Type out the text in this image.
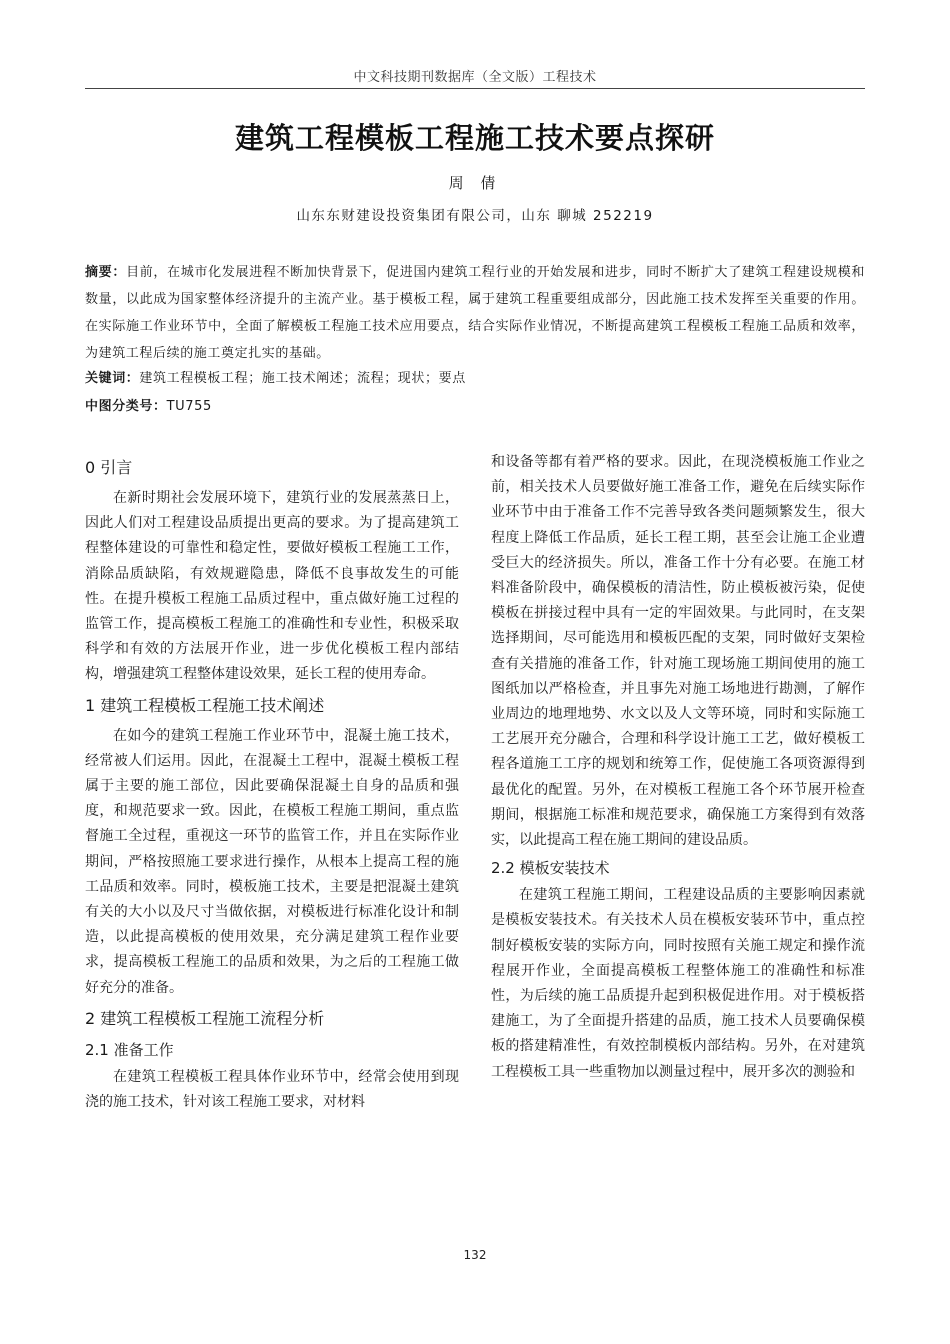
中文科技期刊数据库（全文版）工程技术
建筑工程模板工程施工技术要点探研
周 倩
山东东财建设投资集团有限公司，山东 聊城 252219
摘要：目前，在城市化发展进程不断加快背景下，促进国内建筑工程行业的开始发展和进步，同时不断扩大了建筑工程建设规模和数量，以此成为国家整体经济提升的主流产业。基于模板工程，属于建筑工程重要组成部分，因此施工技术发挥至关重要的作用。在实际施工作业环节中，全面了解模板工程施工技术应用要点，结合实际作业情况，不断提高建筑工程模板工程施工品质和效率，为建筑工程后续的施工奠定扎实的基础。
关键词：建筑工程模板工程；施工技术阐述；流程；现状；要点
中图分类号：TU755
0 引言

在新时期社会发展环境下，建筑行业的发展蒸蒸日上，因此人们对工程建设品质提出更高的要求。为了提高建筑工程整体建设的可靠性和稳定性，要做好模板工程施工工作，消除品质缺陷，有效规避隐患，降低不良事故发生的可能性。在提升模板工程施工品质过程中，重点做好施工过程的监管工作，提高模板工程施工的准确性和专业性，积极采取科学和有效的方法展开作业，进一步优化模板工程内部结构，增强建筑工程整体建设效果，延长工程的使用寿命。

1 建筑工程模板工程施工技术阐述

在如今的建筑工程施工作业环节中，混凝土施工技术，经常被人们运用。因此，在混凝土工程中，混凝土模板工程属于主要的施工部位，因此要确保混凝土自身的品质和强度，和规范要求一致。因此，在模板工程施工期间，重点监督施工全过程，重视这一环节的监管工作，并且在实际作业期间，严格按照施工要求进行操作，从根本上提高工程的施工品质和效率。同时，模板施工技术，主要是把混凝土建筑有关的大小以及尺寸当做依据，对模板进行标准化设计和制造，以此提高模板的使用效果，充分满足建筑工程作业要求，提高模板工程施工的品质和效果，为之后的工程施工做好充分的准备。

2 建筑工程模板工程施工流程分析
2.1 准备工作

在建筑工程模板工程具体作业环节中，经常会使用到现浇的施工技术，针对该工程施工要求，对材料

和设备等都有着严格的要求。因此，在现浇模板施工作业之前，相关技术人员要做好施工准备工作，避免在后续实际作业环节中由于准备工作不完善导致各类问题频繁发生，很大程度上降低工作品质，延长工程工期，甚至会让施工企业遭受巨大的经济损失。所以，准备工作十分有必要。在施工材料准备阶段中，确保模板的清洁性，防止模板被污染，促使模板在拼接过程中具有一定的牢固效果。与此同时，在支架选择期间，尽可能选用和模板匹配的支架，同时做好支架检查有关措施的准备工作，针对施工现场施工期间使用的施工图纸加以严格检查，并且事先对施工场地进行勘测，了解作业周边的地理地势、水文以及人文等环境，同时和实际施工工艺展开充分融合，合理和科学设计施工工艺，做好模板工程各道施工工序的规划和统筹工作，促使施工各项资源得到最优化的配置。另外，在对模板工程施工各个环节展开检查期间，根据施工标准和规范要求，确保施工方案得到有效落实，以此提高工程在施工期间的建设品质。

2.2 模板安装技术

在建筑工程施工期间，工程建设品质的主要影响因素就是模板安装技术。有关技术人员在模板安装环节中，重点控制好模板安装的实际方向，同时按照有关施工规定和操作流程展开作业，全面提高模板工程整体施工的准确性和标准性，为后续的施工品质提升起到积极促进作用。对于模板搭建施工，为了全面提升搭建的品质，施工技术人员要确保模板的搭建精准性，有效控制模板内部结构。另外，在对建筑工程模板工具一些重物加以测量过程中，展开多次的测验和

132
